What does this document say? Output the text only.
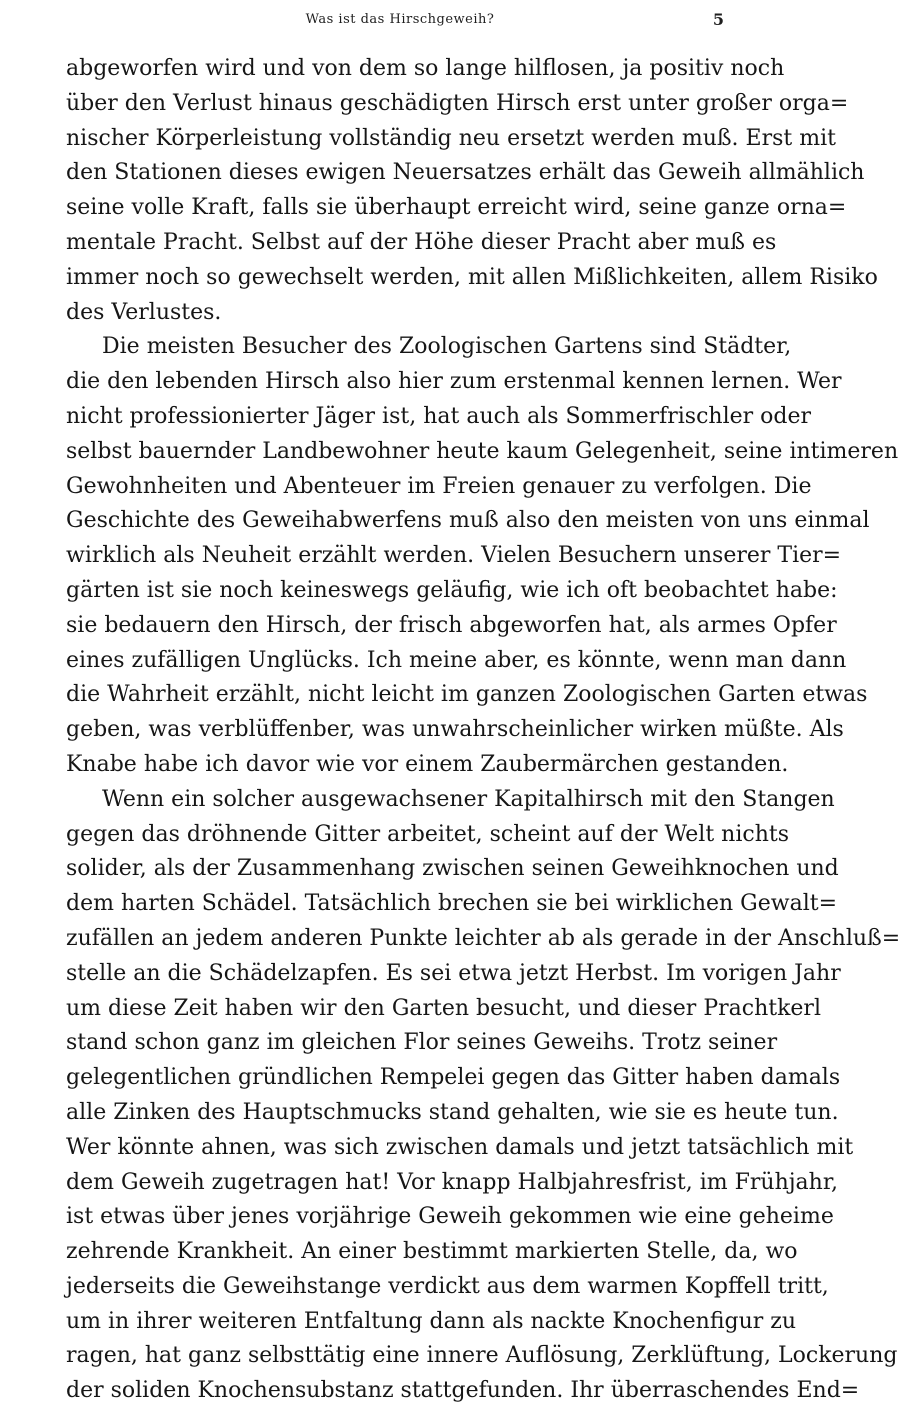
Was ist das Hirschgeweih?	5
abgeworfen wird und von dem so lange hilflosen, ja positiv noch
über den Verlust hinaus geschädigten Hirsch erst unter großer orga=
nischer Körperleistung vollständig neu ersetzt werden muß. Erst mit
den Stationen dieses ewigen Neuersatzes erhält das Geweih allmählich
seine volle Kraft, falls sie überhaupt erreicht wird, seine ganze orna=
mentale Pracht. Selbst auf der Höhe dieser Pracht aber muß es
immer noch so gewechselt werden, mit allen Mißlichkeiten, allem Risiko
des Verlustes.
Die meisten Besucher des Zoologischen Gartens sind Städter,
die den lebenden Hirsch also hier zum erstenmal kennen lernen. Wer
nicht professionierter Jäger ist, hat auch als Sommerfrischler oder
selbst bauernder Landbewohner heute kaum Gelegenheit, seine intimeren
Gewohnheiten und Abenteuer im Freien genauer zu verfolgen. Die
Geschichte des Geweihabwerfens muß also den meisten von uns einmal
wirklich als Neuheit erzählt werden. Vielen Besuchern unserer Tier=
gärten ist sie noch keineswegs geläufig, wie ich oft beobachtet habe:
sie bedauern den Hirsch, der frisch abgeworfen hat, als armes Opfer
eines zufälligen Unglücks. Ich meine aber, es könnte, wenn man dann
die Wahrheit erzählt, nicht leicht im ganzen Zoologischen Garten etwas
geben, was verblüffenber, was unwahrscheinlicher wirken müßte. Als
Knabe habe ich davor wie vor einem Zaubermärchen gestanden.
Wenn ein solcher ausgewachsener Kapitalhirsch mit den Stangen
gegen das dröhnende Gitter arbeitet, scheint auf der Welt nichts
solider, als der Zusammenhang zwischen seinen Geweihknochen und
dem harten Schädel. Tatsächlich brechen sie bei wirklichen Gewalt=
zufällen an jedem anderen Punkte leichter ab als gerade in der Anschluß=
stelle an die Schädelzapfen. Es sei etwa jetzt Herbst. Im vorigen Jahr
um diese Zeit haben wir den Garten besucht, und dieser Prachtkerl
stand schon ganz im gleichen Flor seines Geweihs. Trotz seiner
gelegentlichen gründlichen Rempelei gegen das Gitter haben damals
alle Zinken des Hauptschmucks stand gehalten, wie sie es heute tun.
Wer könnte ahnen, was sich zwischen damals und jetzt tatsächlich mit
dem Geweih zugetragen hat! Vor knapp Halbjahresfrist, im Frühjahr,
ist etwas über jenes vorjährige Geweih gekommen wie eine geheime
zehrende Krankheit. An einer bestimmt markierten Stelle, da, wo
jederseits die Geweihstange verdickt aus dem warmen Kopffell tritt,
um in ihrer weiteren Entfaltung dann als nackte Knochenfigur zu
ragen, hat ganz selbsttätig eine innere Auflösung, Zerklüftung, Lockerung
der soliden Knochensubstanz stattgefunden. Ihr überraschendes End=
